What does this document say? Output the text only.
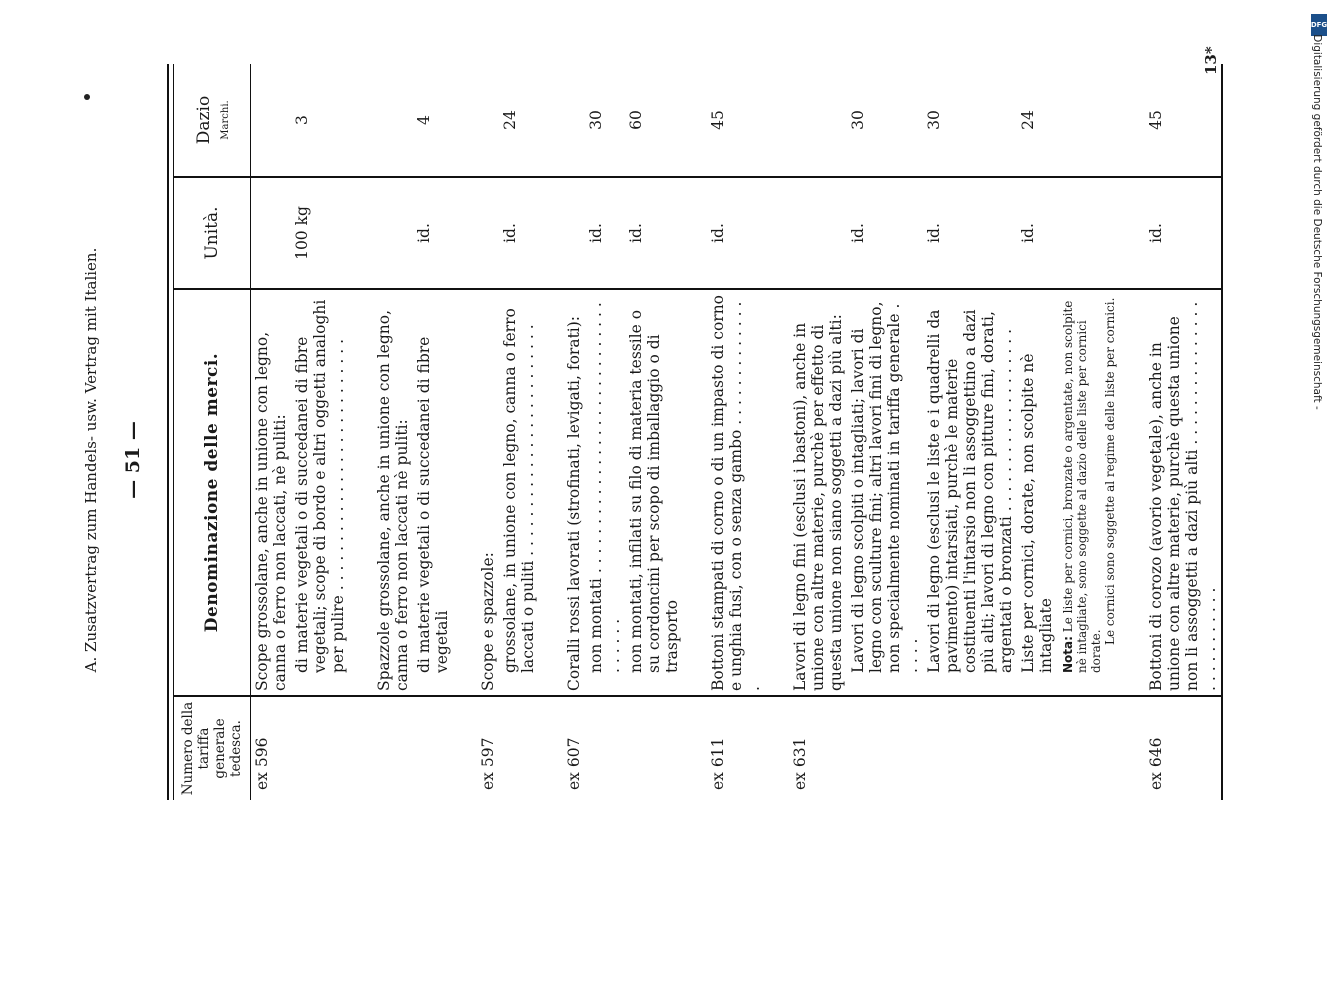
A. Zusatzvertrag zum Handels- usw. Vertrag mit Italien. — 51 —
Numero della tariffa generale tedesca.	Denominazione delle merci.	Unità.	Dazio Marchi.

ex 596	Scope grossolane, anche in unione con legno, canna o ferro non laccati, nè puliti:		
	di materie vegetali o di succedanei di fibre vegetali; scope di bordo e altri oggetti analoghi per pulire . . . . . . . . . . . . . . . . . . . . . . . . . .	100 kg	3

	Spazzole grossolane, anche in unione con legno, canna o ferro non laccati nè puliti:		
	di materie vegetali o di succedanei di fibre vegetali	id.	4

ex 597	Scope e spazzole:		
	grossolane, in unione con legno, canna o ferro laccati o puliti . . . . . . . . . . . . . . . . . . . . . . . .	id.	24

ex 607	Coralli rossi lavorati (strofinati, levigati, forati):		
	non montati . . . . . . . . . . . . . . . . . . . . . . . . . . . . . . . . . .	id.	30
	non montati, infilati su filo di materia tessile o su cordoncini per scopo di imballaggio o di trasporto	id.	60

ex 611	Bottoni stampati di corno o di un impasto di corno e unghia fusi, con o senza gambo . . . . . . . . . . . . . .	id.	45

ex 631	Lavori di legno fini (esclusi i bastoni), anche in unione con altre materie, purchè per effetto di questa unione non siano soggetti a dazi più alti:		
	Lavori di legno scolpiti o intagliati; lavori di legno con sculture fini; altri lavori fini di legno, non specialmente nominati in tariffa generale . . . . .	id.	30
	Lavori di legno (esclusi le liste e i quadrelli da pavimento) intarsiati, purchè le materie costituenti l'intarsio non li assoggettino a dazi più alti; lavori di legno con pitture fini, dorati, argentati o bronzati . . . . . . . . . . . . . . . . . . .	id.	30
	Liste per cornici, dorate, non scolpite nè intagliate	id.	24
	Nota: Le liste per cornici, bronzate o argentate, non scolpite nè intagliate, sono soggette al dazio delle liste per cornici dorate.
Le cornici sono soggette al regime delle liste per cornici.		

ex 646	Bottoni di corozo (avorio vegetale), anche in unione con altre materie, purchè questa unione non li assoggetti a dazi più alti . . . . . . . . . . . . . . . . . . . . . . . . . .	id.	45
13*
DFG
Digitalisierung gefördert durch die Deutsche Forschungsgemeinschaft -
